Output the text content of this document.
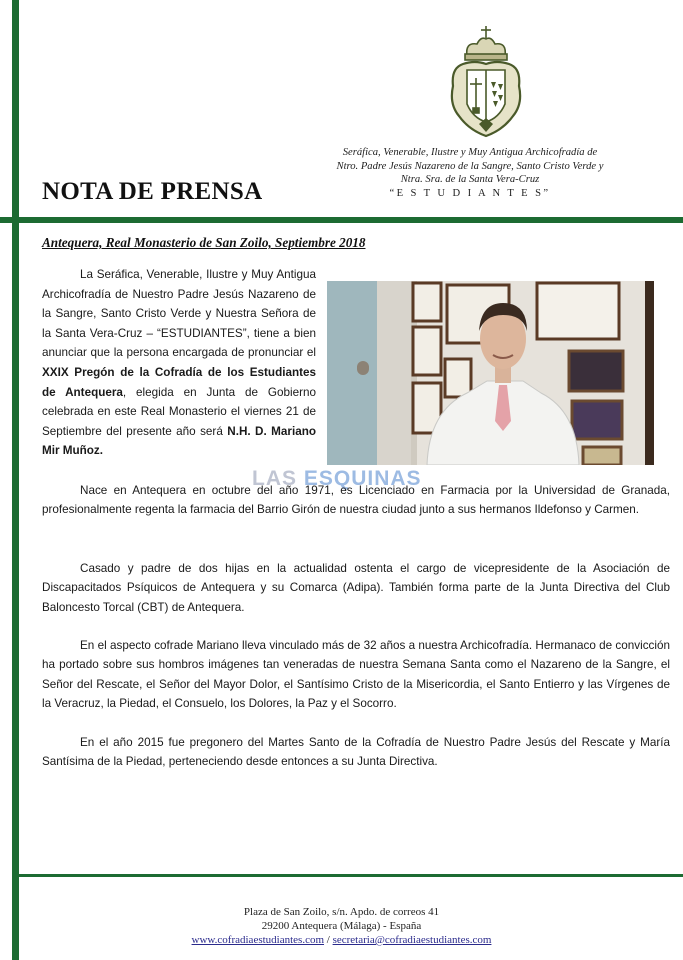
NOTA DE PRENSA
Seráfica, Venerable, Ilustre y Muy Antigua Archicofradía de
Ntro. Padre Jesús Nazareno de la Sangre, Santo Cristo Verde y
Ntra. Sra. de la Santa Vera-Cruz
“E S T U D I A N T E S”
Antequera, Real Monasterio de San Zoilo, Septiembre 2018
La Seráfica, Venerable, Ilustre y Muy Antigua Archicofradía de Nuestro Padre Jesús Nazareno de la Sangre, Santo Cristo Verde y Nuestra Señora de la Santa Vera-Cruz – “ESTUDIANTES”, tiene a bien anunciar que la persona encargada de pronunciar el XXIX Pregón de la Cofradía de los Estudiantes de Antequera, elegida en Junta de Gobierno celebrada en este Real Monasterio el viernes 21 de Septiembre del presente año será N.H. D. Mariano Mir Muñoz.
LAS ESQUINAS
Nace en Antequera en octubre del año 1971, es Licenciado en Farmacia por la Universidad de Granada, profesionalmente regenta la farmacia del Barrio Girón de nuestra ciudad junto a sus hermanos Ildefonso y Carmen.
Casado y padre de dos hijas en la actualidad ostenta el cargo de vicepresidente de la Asociación de Discapacitados Psíquicos de Antequera y su Comarca (Adipa). También forma parte de la Junta Directiva del Club Baloncesto Torcal (CBT) de Antequera.
En el aspecto cofrade Mariano lleva vinculado más de 32 años a nuestra Archicofradía. Hermanaco de convicción ha portado sobre sus hombros imágenes tan veneradas de nuestra Semana Santa como el Nazareno de la Sangre, el Señor del Rescate, el Señor del Mayor Dolor, el Santísimo Cristo de la Misericordia, el Santo Entierro y las Vírgenes de la Veracruz, la Piedad, el Consuelo, los Dolores, la Paz y el Socorro.
En el año 2015 fue pregonero del Martes Santo de la Cofradía de Nuestro Padre Jesús del Rescate y María Santísima de la Piedad, perteneciendo desde entonces a su Junta Directiva.
Plaza de San Zoilo, s/n. Apdo. de correos 41
29200 Antequera (Málaga) - España
www.cofradiaestudiantes.com / secretaria@cofradiaestudiantes.com
